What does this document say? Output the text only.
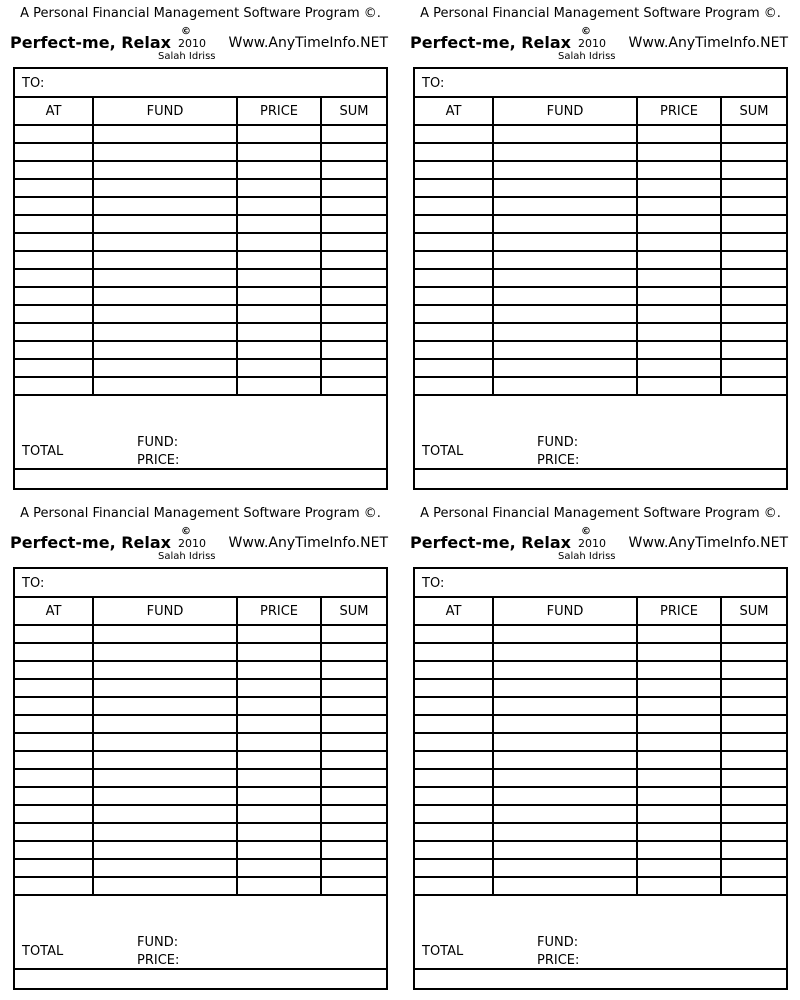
A Personal Financial Management Software Program ©.
Perfect-me, Relax
©
2010
Salah Idriss
Www.AnyTimeInfo.NET
TO:
AT	FUND	PRICE	SUM

TOTAL
FUND:
PRICE:
A Personal Financial Management Software Program ©.
Perfect-me, Relax
©
2010
Salah Idriss
Www.AnyTimeInfo.NET
TO:
AT	FUND	PRICE	SUM

TOTAL
FUND:
PRICE:
A Personal Financial Management Software Program ©.
Perfect-me, Relax
©
2010
Salah Idriss
Www.AnyTimeInfo.NET
TO:
AT	FUND	PRICE	SUM

TOTAL
FUND:
PRICE:
A Personal Financial Management Software Program ©.
Perfect-me, Relax
©
2010
Salah Idriss
Www.AnyTimeInfo.NET
TO:
AT	FUND	PRICE	SUM

TOTAL
FUND:
PRICE:
